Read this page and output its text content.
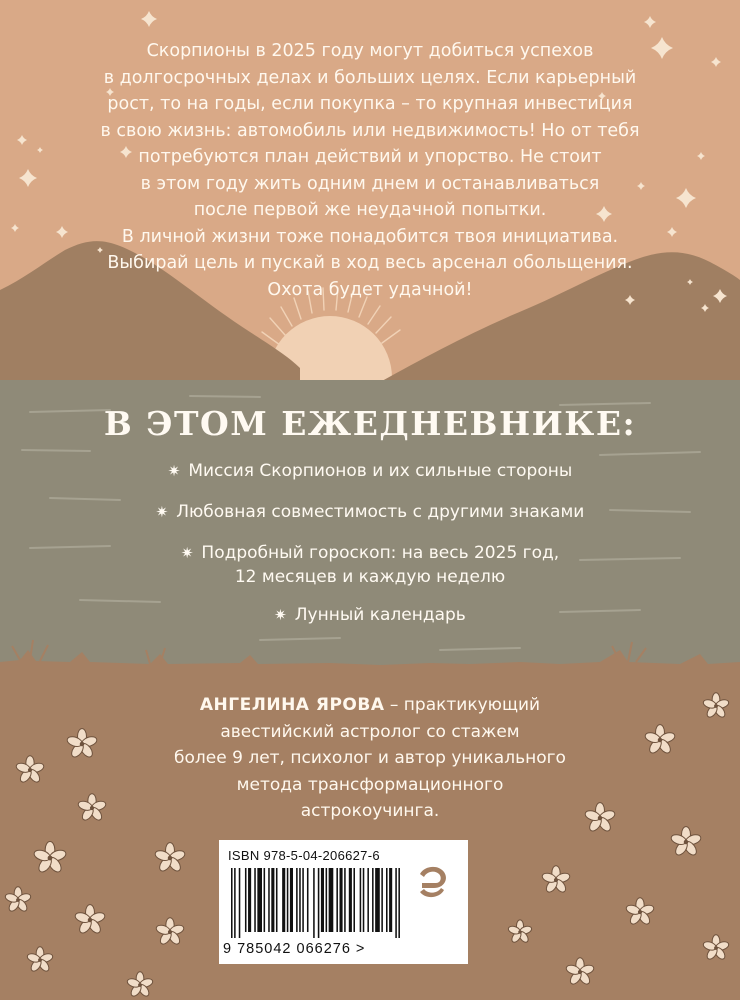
Скорпионы в 2025 году могут добиться успехов
в долгосрочных делах и больших целях. Если карьерный
рост, то на годы, если покупка – то крупная инвестиция
в свою жизнь: автомобиль или недвижимость! Но от тебя
потребуются план действий и упорство. Не стоит
в этом году жить одним днем и останавливаться
после первой же неудачной попытки.
В личной жизни тоже понадобится твоя инициатива.
Выбирай цель и пускай в ход весь арсенал обольщения.
Охота будет удачной!
В ЭТОМ ЕЖЕДНЕВНИКЕ:
✷ Миссия Скорпионов и их сильные стороны
✷ Любовная совместимость с другими знаками
✷ Подробный гороскоп: на весь 2025 год,
12 месяцев и каждую неделю
✷ Лунный календарь
АНГЕЛИНА ЯРОВА – практикующий
авестийский астролог со стажем
более 9 лет, психолог и автор уникального
метода трансформационного
астрокоучинга.
ISBN 978-5-04-206627-6
9 785042 066276 >
ЭКСМО
